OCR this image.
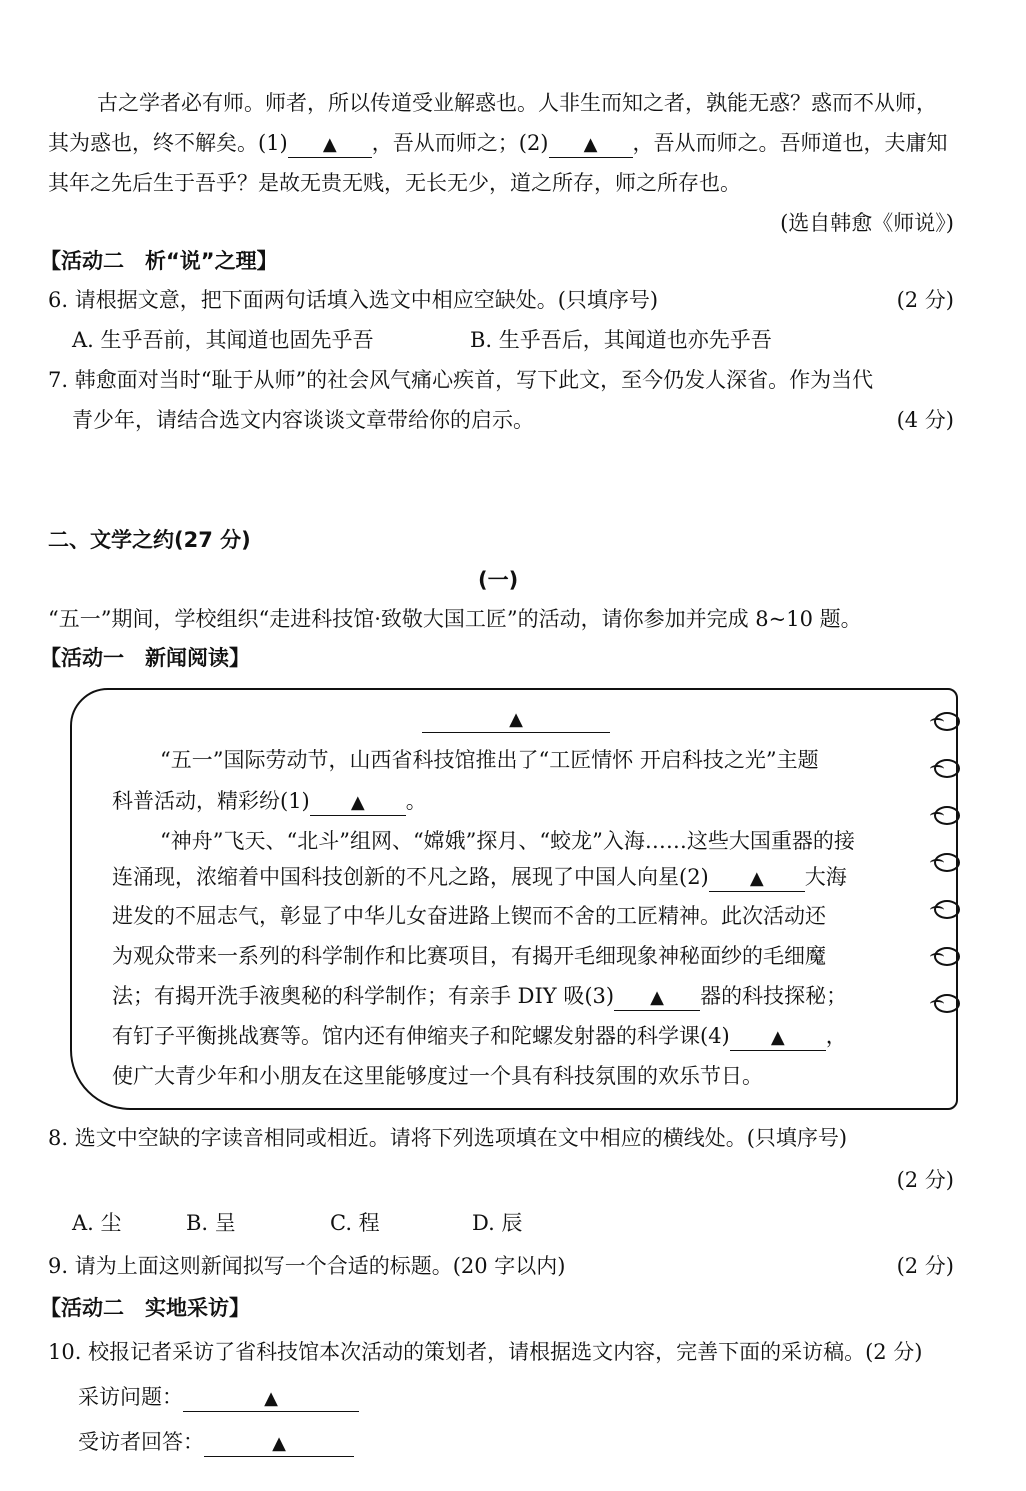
古之学者必有师。师者，所以传道受业解惑也。人非生而知之者，孰能无惑？惑而不从师，
其为惑也，终不解矣。(1) ▲ ，吾从而师之；(2) ▲ ，吾从而师之。吾师道也，夫庸知
其年之先后生于吾乎？是故无贵无贱，无长无少，道之所存，师之所存也。
(选自韩愈《师说》)
【活动二　析“说”之理】
6. 请根据文意，把下面两句话填入选文中相应空缺处。(只填序号)	(2 分)
A. 生乎吾前，其闻道也固先乎吾	B. 生乎吾后，其闻道也亦先乎吾
7. 韩愈面对当时“耻于从师”的社会风气痛心疾首，写下此文，至今仍发人深省。作为当代
青少年，请结合选文内容谈谈文章带给你的启示。	(4 分)
二、文学之约(27 分)
(一)
“五一”期间，学校组织“走进科技馆·致敬大国工匠”的活动，请你参加并完成 8~10 题。
【活动一　新闻阅读】
▲
“五一”国际劳动节，山西省科技馆推出了“工匠情怀 开启科技之光”主题
科普活动，精彩纷(1) ▲ 。
“神舟”飞天、“北斗”组网、“嫦娥”探月、“蛟龙”入海……这些大国重器的接
连涌现，浓缩着中国科技创新的不凡之路，展现了中国人向星(2) ▲ 大海
进发的不屈志气，彰显了中华儿女奋进路上锲而不舍的工匠精神。此次活动还
为观众带来一系列的科学制作和比赛项目，有揭开毛细现象神秘面纱的毛细魔
法；有揭开洗手液奥秘的科学制作；有亲手 DIY 吸(3) ▲ 器的科技探秘；
有钉子平衡挑战赛等。馆内还有伸缩夹子和陀螺发射器的科学课(4) ▲ ，
使广大青少年和小朋友在这里能够度过一个具有科技氛围的欢乐节日。
8. 选文中空缺的字读音相同或相近。请将下列选项填在文中相应的横线处。(只填序号)
(2 分)
A. 尘	B. 呈	C. 程	D. 辰
9. 请为上面这则新闻拟写一个合适的标题。(20 字以内)	(2 分)
【活动二　实地采访】
10. 校报记者采访了省科技馆本次活动的策划者，请根据选文内容，完善下面的采访稿。(2 分)
采访问题：	▲
受访者回答：	▲
